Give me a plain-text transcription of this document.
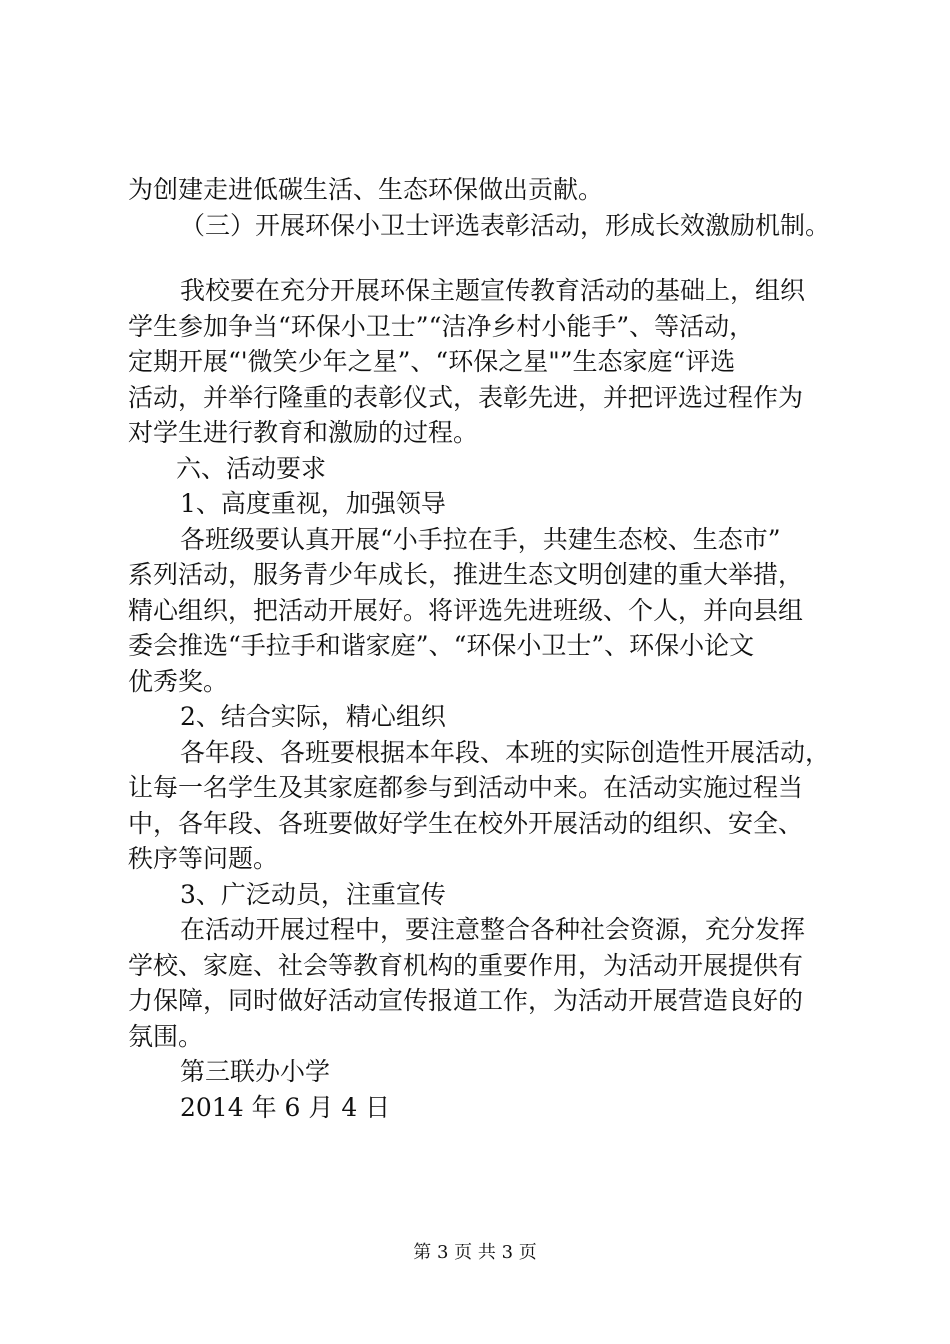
为创建走进低碳生活、生态环保做出贡献。
（三）开展环保小卫士评选表彰活动，形成长效激励机制。
我校要在充分开展环保主题宣传教育活动的基础上，组织
学生参加争当“环保小卫士”“洁净乡村小能手”、等活动，
定期开展“'微笑少年之星”、“环保之星"”生态家庭“评选
活动，并举行隆重的表彰仪式，表彰先进，并把评选过程作为
对学生进行教育和激励的过程。
六、活动要求
1、高度重视，加强领导
各班级要认真开展“小手拉在手，共建生态校、生态市”
系列活动，服务青少年成长，推进生态文明创建的重大举措，
精心组织，把活动开展好。将评选先进班级、个人，并向县组
委会推选“手拉手和谐家庭”、“环保小卫士”、环保小论文
优秀奖。
2、结合实际，精心组织
各年段、各班要根据本年段、本班的实际创造性开展活动，
让每一名学生及其家庭都参与到活动中来。在活动实施过程当
中，各年段、各班要做好学生在校外开展活动的组织、安全、
秩序等问题。
3、广泛动员，注重宣传
在活动开展过程中，要注意整合各种社会资源，充分发挥
学校、家庭、社会等教育机构的重要作用，为活动开展提供有
力保障，同时做好活动宣传报道工作，为活动开展营造良好的
氛围。
第三联办小学
2014 年 6 月 4 日
第 3 页 共 3 页
